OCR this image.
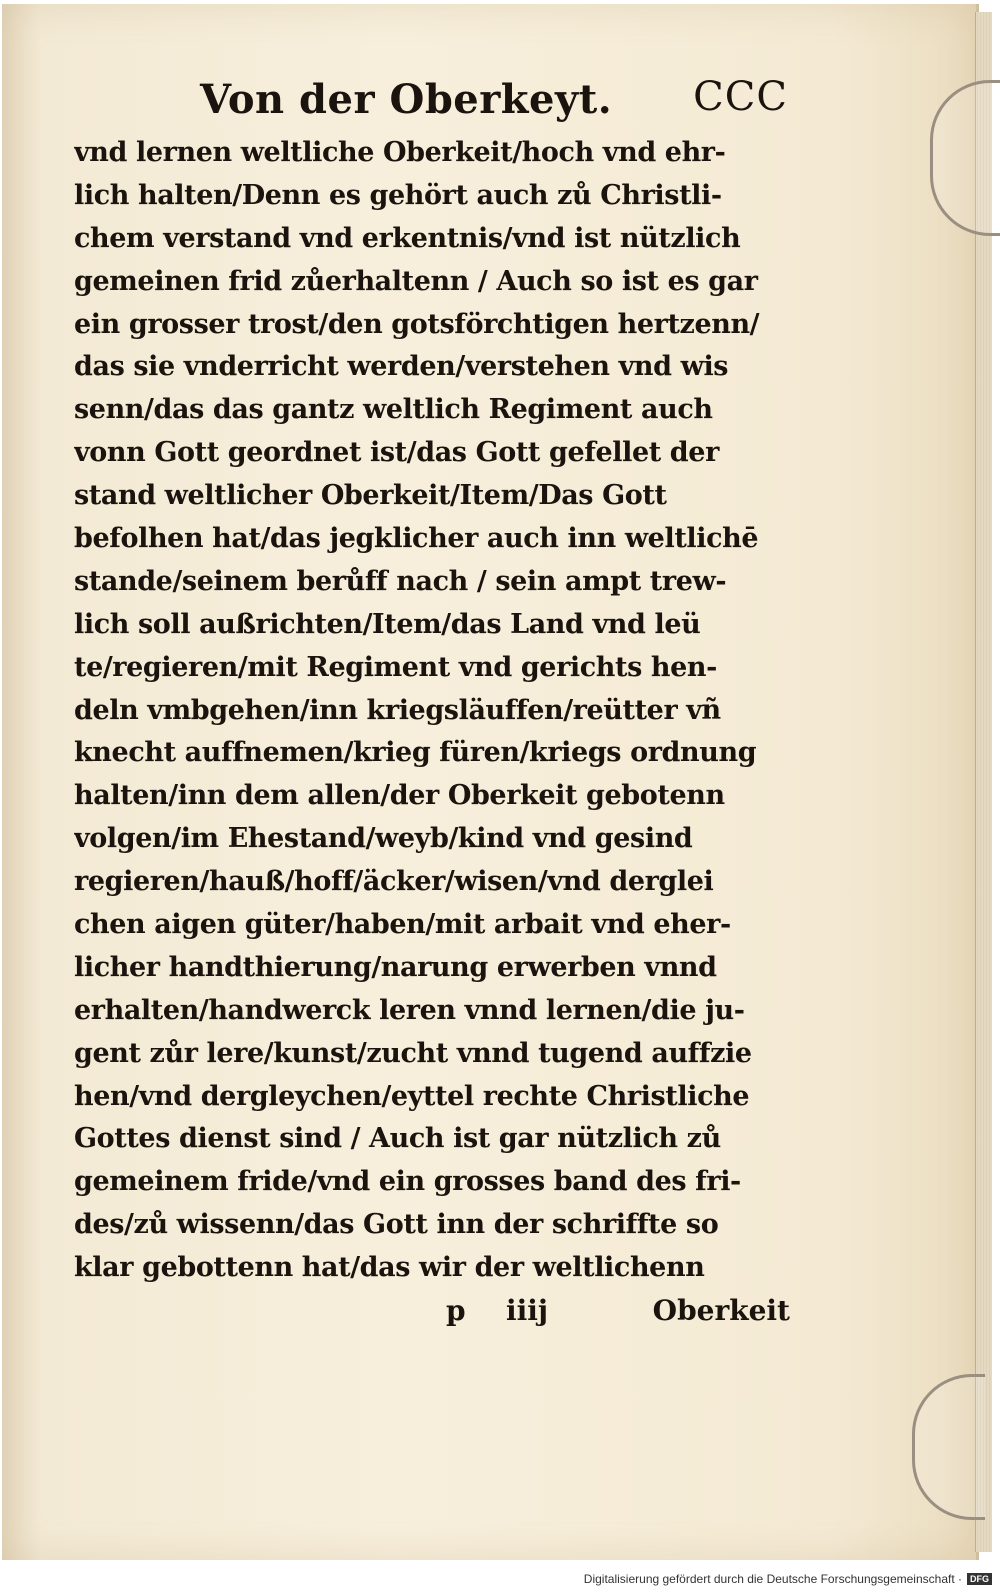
Von der Oberkeyt. CCC
vnd lernen weltliche Oberkeit/hoch vnd ehr-
lich halten/Denn es gehört auch zů Christli-
chem verstand vnd erkentnis/vnd ist nützlich
gemeinen frid zůerhaltenn / Auch so ist es gar
ein grosser trost/den gotsförchtigen hertzenn/
das sie vnderricht werden/verstehen vnd wis
senn/das das gantz weltlich Regiment auch
vonn Gott geordnet ist/das Gott gefellet der
stand weltlicher Oberkeit/Item/Das Gott
befolhen hat/das jegklicher auch inn weltlichē
stande/seinem berůff nach / sein ampt trew-
lich soll außrichten/Item/das Land vnd leü
te/regieren/mit Regiment vnd gerichts hen-
deln vmbgehen/inn kriegsläuffen/reütter vñ
knecht auffnemen/krieg füren/kriegs ordnung
halten/inn dem allen/der Oberkeit gebotenn
volgen/im Ehestand/weyb/kind vnd gesind
regieren/hauß/hoff/äcker/wisen/vnd derglei
chen aigen güter/haben/mit arbait vnd eher-
licher handthierung/narung erwerben vnnd
erhalten/handwerck leren vnnd lernen/die ju-
gent zůr lere/kunst/zucht vnnd tugend auffzie
hen/vnd dergleychen/eyttel rechte Christliche
Gottes dienst sind / Auch ist gar nützlich zů
gemeinem fride/vnd ein grosses band des fri-
des/zů wissenn/das Gott inn der schriffte so
klar gebottenn hat/das wir der weltlichenn
p iiij	Oberkeit
Digitalisierung gefördert durch die Deutsche Forschungsgemeinschaft · DFG
